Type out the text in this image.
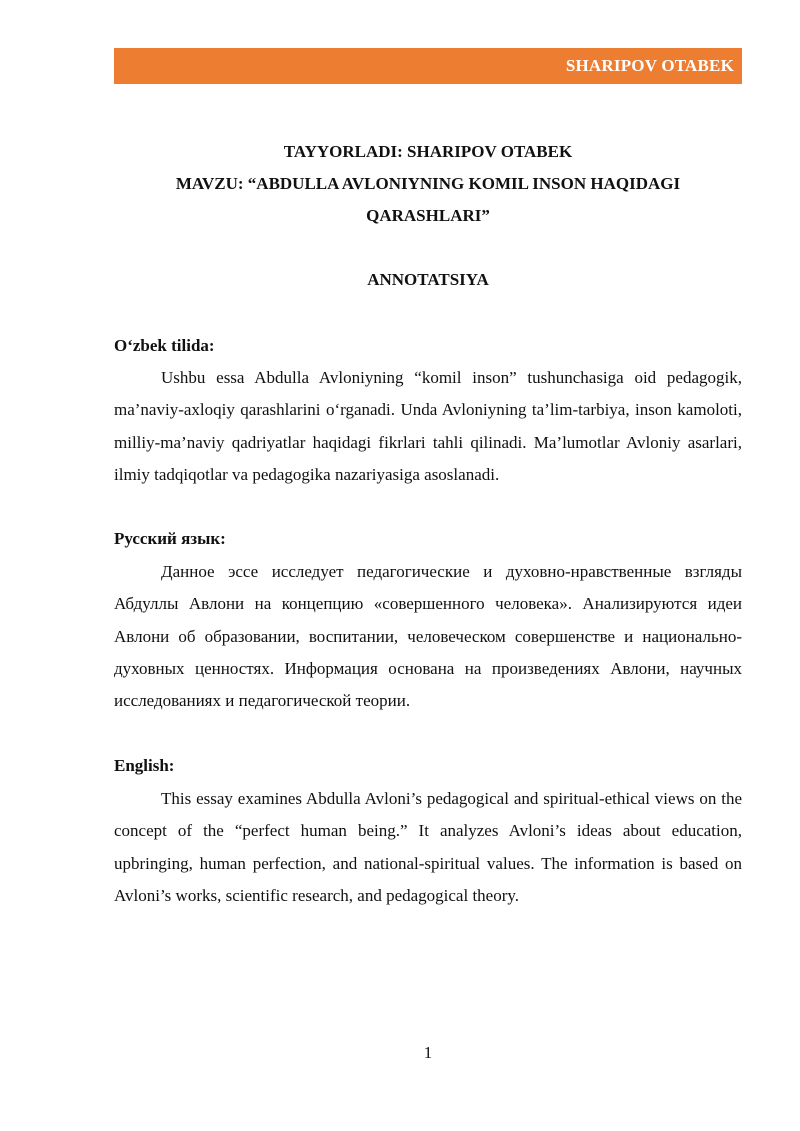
SHARIPOV OTABEK
TAYYORLADI: SHARIPOV OTABEK
MAVZU: “ABDULLA AVLONIYNING KOMIL INSON HAQIDAGI
QARASHLARI”
ANNOTATSIYA
O‘zbek tilida:

Ushbu essa Abdulla Avloniyning “komil inson” tushunchasiga oid pedagogik, ma’naviy-axloqiy qarashlarini o‘rganadi. Unda Avloniyning ta’lim-tarbiya, inson kamoloti, milliy-ma’naviy qadriyatlar haqidagi fikrlari tahli qilinadi. Ma’lumotlar Avloniy asarlari, ilmiy tadqiqotlar va pedagogika nazariyasiga asoslanadi.

Русский язык:

Данное эссе исследует педагогические и духовно-нравственные взгляды Абдуллы Авлони на концепцию «совершенного человека». Анализируются идеи Авлони об образовании, воспитании, человеческом совершенстве и национально-духовных ценностях. Информация основана на произведениях Авлони, научных исследованиях и педагогической теории.

English:

This essay examines Abdulla Avloni’s pedagogical and spiritual-ethical views on the concept of the “perfect human being.” It analyzes Avloni’s ideas about education, upbringing, human perfection, and national-spiritual values. The information is based on Avloni’s works, scientific research, and pedagogical theory.

1
